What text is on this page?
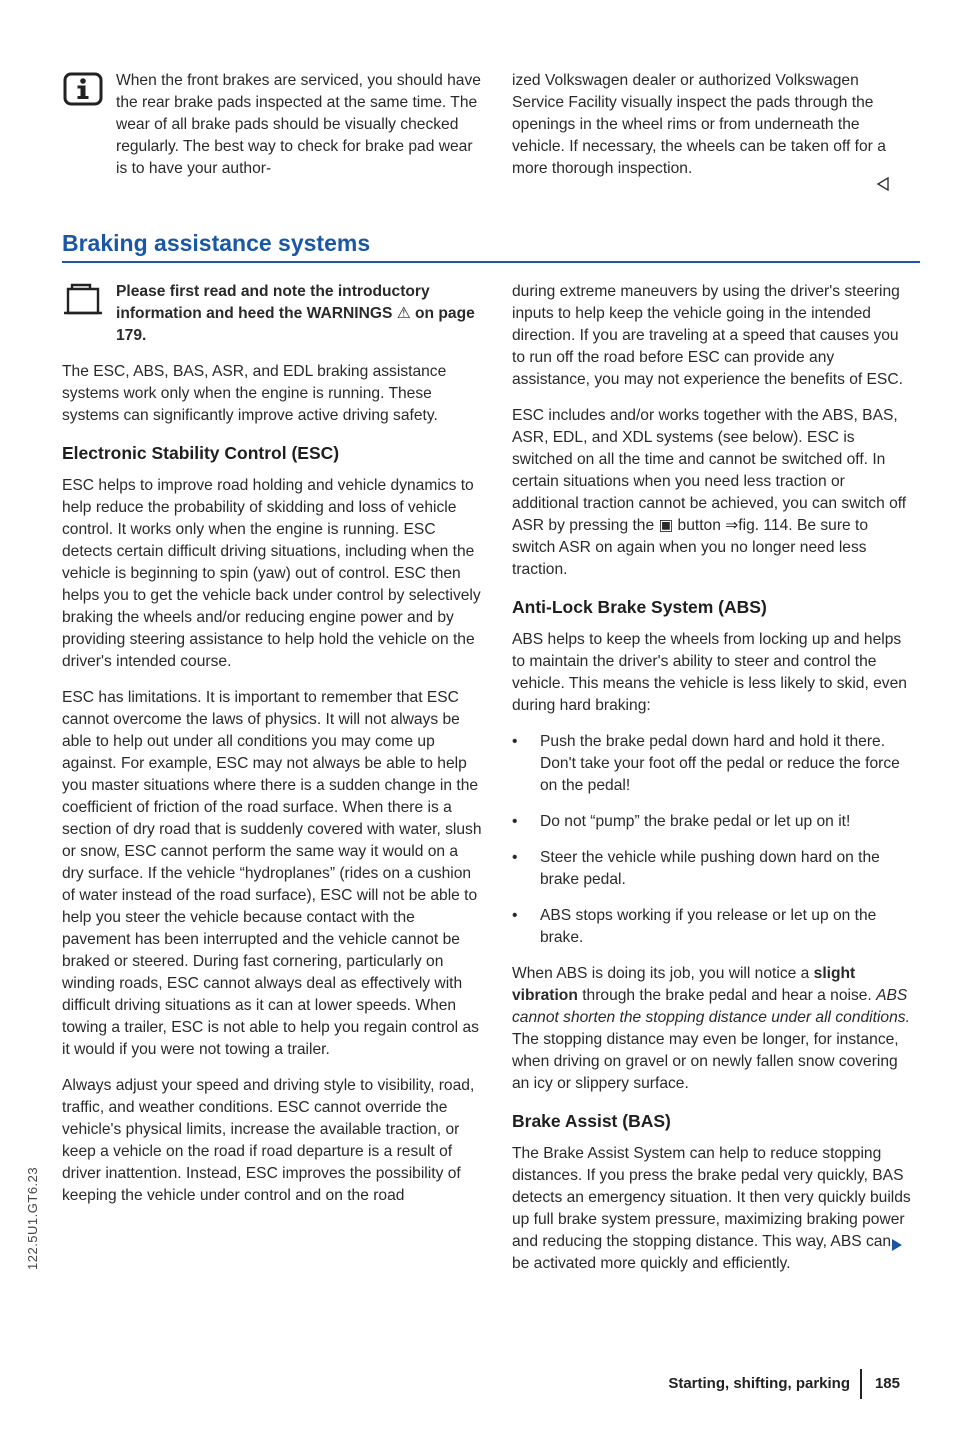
When the front brakes are serviced, you should have the rear brake pads inspected at the same time. The wear of all brake pads should be visually checked regularly. The best way to check for brake pad wear is to have your author-

ized Volkswagen dealer or authorized Volkswagen Service Facility visually inspect the pads through the openings in the wheel rims or from underneath the vehicle. If necessary, the wheels can be taken off for a more thorough inspection.

Braking assistance systems

Please first read and note the introductory information and heed the WARNINGS ⚠ on page 179.

The ESC, ABS, BAS, ASR, and EDL braking assistance systems work only when the engine is running. These systems can significantly improve active driving safety.

Electronic Stability Control (ESC)

ESC helps to improve road holding and vehicle dynamics to help reduce the probability of skidding and loss of vehicle control. It works only when the engine is running. ESC detects certain difficult driving situations, including when the vehicle is beginning to spin (yaw) out of control. ESC then helps you to get the vehicle back under control by selectively braking the wheels and/or reducing engine power and by providing steering assistance to help hold the vehicle on the driver's intended course.

ESC has limitations. It is important to remember that ESC cannot overcome the laws of physics. It will not always be able to help out under all conditions you may come up against. For example, ESC may not always be able to help you master situations where there is a sudden change in the coefficient of friction of the road surface. When there is a section of dry road that is suddenly covered with water, slush or snow, ESC cannot perform the same way it would on a dry surface. If the vehicle “hydroplanes” (rides on a cushion of water instead of the road surface), ESC will not be able to help you steer the vehicle because contact with the pavement has been interrupted and the vehicle cannot be braked or steered. During fast cornering, particularly on winding roads, ESC cannot always deal as effectively with difficult driving situations as it can at lower speeds. When towing a trailer, ESC is not able to help you regain control as it would if you were not towing a trailer.

Always adjust your speed and driving style to visibility, road, traffic, and weather conditions. ESC cannot override the vehicle's physical limits, increase the available traction, or keep a vehicle on the road if road departure is a result of driver inattention. Instead, ESC improves the possibility of keeping the vehicle under control and on the road

during extreme maneuvers by using the driver's steering inputs to help keep the vehicle going in the intended direction. If you are traveling at a speed that causes you to run off the road before ESC can provide any assistance, you may not experience the benefits of ESC.

ESC includes and/or works together with the ABS, BAS, ASR, EDL, and XDL systems (see below). ESC is switched on all the time and cannot be switched off. In certain situations when you need less traction or additional traction cannot be achieved, you can switch off ASR by pressing the ▣ button ⇒fig. 114. Be sure to switch ASR on again when you no longer need less traction.

Anti-Lock Brake System (ABS)

ABS helps to keep the wheels from locking up and helps to maintain the driver's ability to steer and control the vehicle. This means the vehicle is less likely to skid, even during hard braking:

• Push the brake pedal down hard and hold it there. Don't take your foot off the pedal or reduce the force on the pedal!
• Do not “pump” the brake pedal or let up on it!
• Steer the vehicle while pushing down hard on the brake pedal.
• ABS stops working if you release or let up on the brake.

When ABS is doing its job, you will notice a slight vibration through the brake pedal and hear a noise. ABS cannot shorten the stopping distance under all conditions. The stopping distance may even be longer, for instance, when driving on gravel or on newly fallen snow covering an icy or slippery surface.

Brake Assist (BAS)

The Brake Assist System can help to reduce stopping distances. If you press the brake pedal very quickly, BAS detects an emergency situation. It then very quickly builds up full brake system pressure, maximizing braking power and reducing the stopping distance. This way, ABS can be activated more quickly and efficiently.

122.5U1.GT6.23
Starting, shifting, parking 185
